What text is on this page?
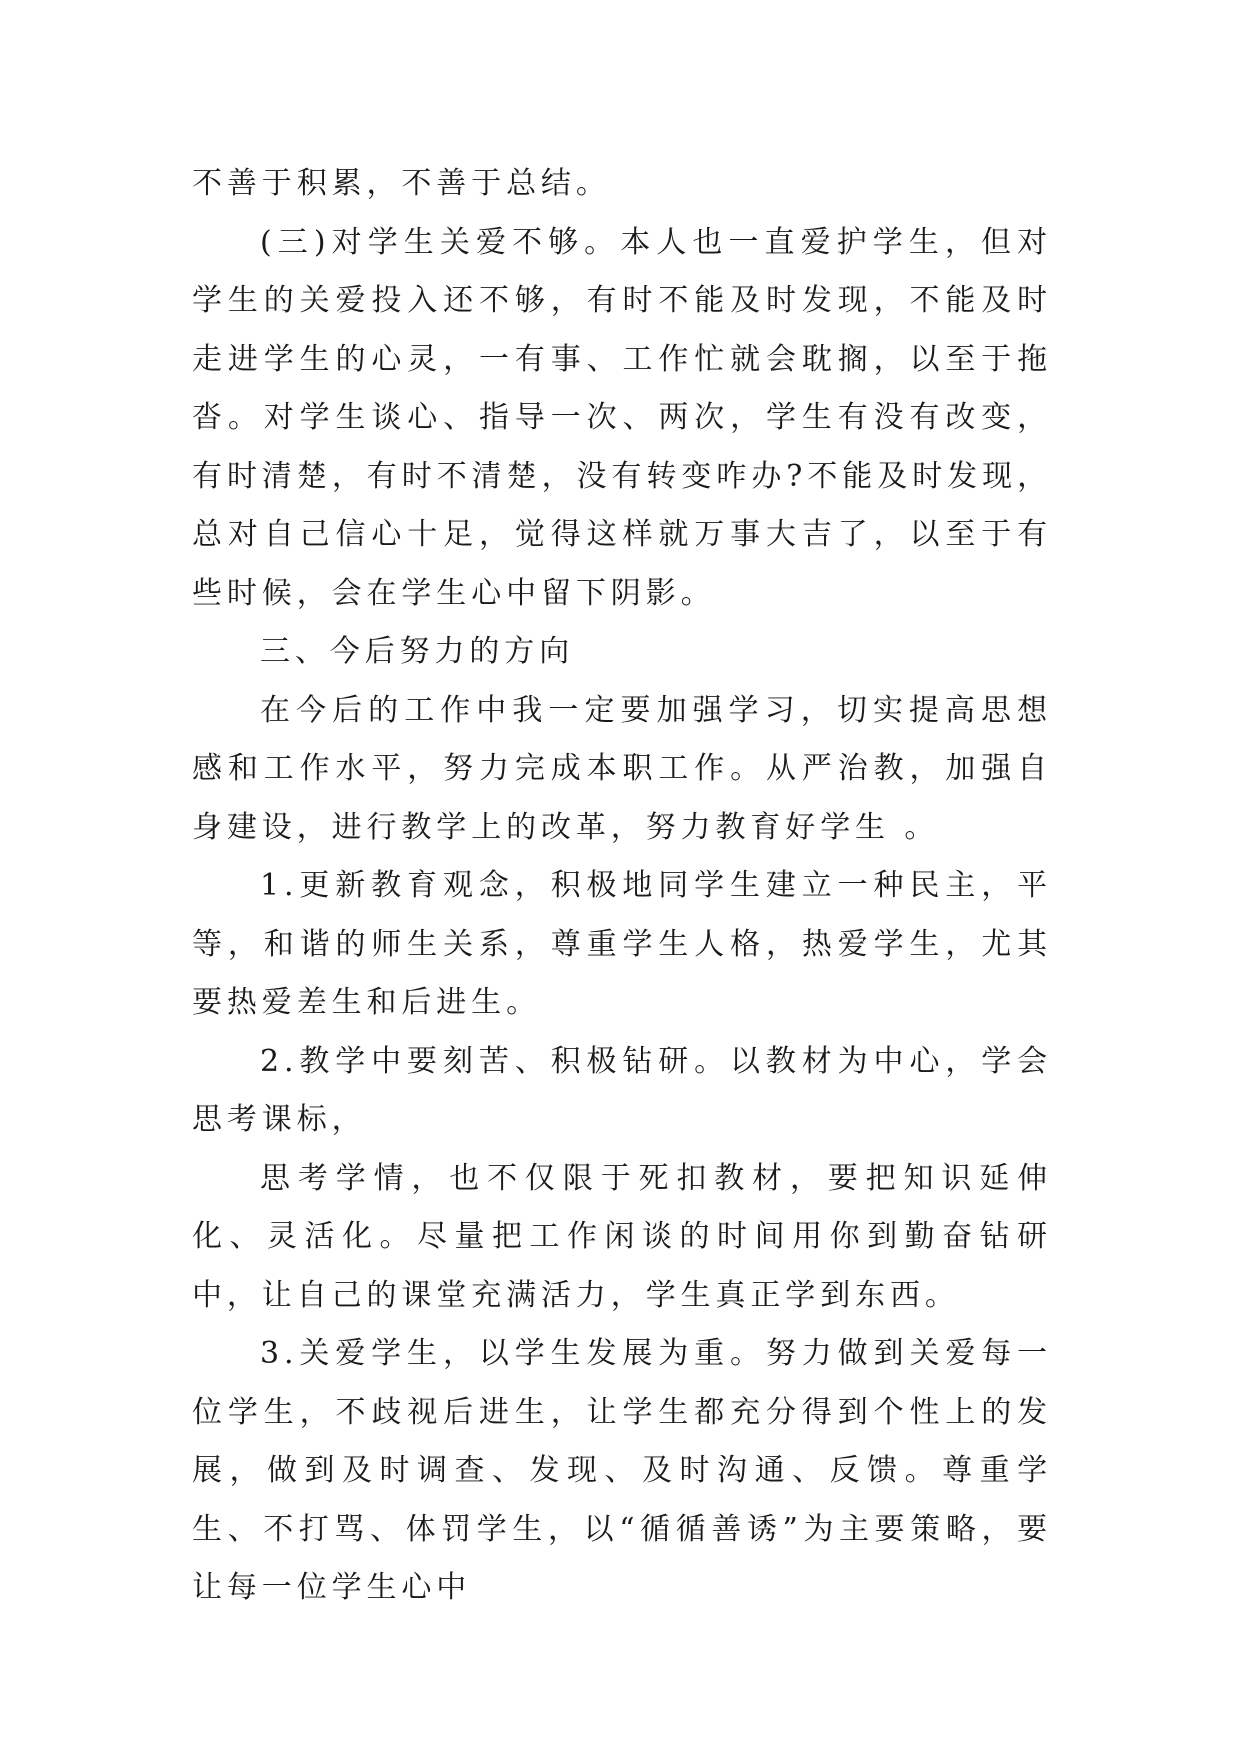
不善于积累，不善于总结。

(三)对学生关爱不够。本人也一直爱护学生，但对学生的关爱投入还不够，有时不能及时发现，不能及时走进学生的心灵，一有事、工作忙就会耽搁，以至于拖沓。对学生谈心、指导一次、两次，学生有没有改变，有时清楚，有时不清楚，没有转变咋办?不能及时发现，总对自己信心十足，觉得这样就万事大吉了，以至于有些时候，会在学生心中留下阴影。

三、今后努力的方向

在今后的工作中我一定要加强学习，切实提高思想感和工作水平，努力完成本职工作。从严治教，加强自身建设，进行教学上的改革，努力教育好学生 。

1.更新教育观念，积极地同学生建立一种民主，平等，和谐的师生关系，尊重学生人格，热爱学生，尤其要热爱差生和后进生。

2.教学中要刻苦、积极钻研。以教材为中心，学会思考课标，

思考学情，也不仅限于死扣教材，要把知识延伸化、灵活化。尽量把工作闲谈的时间用你到勤奋钻研中，让自己的课堂充满活力，学生真正学到东西。

3.关爱学生，以学生发展为重。努力做到关爱每一位学生，不歧视后进生，让学生都充分得到个性上的发展，做到及时调查、发现、及时沟通、反馈。尊重学生、不打骂、体罚学生，以“循循善诱”为主要策略，要让每一位学生心中
